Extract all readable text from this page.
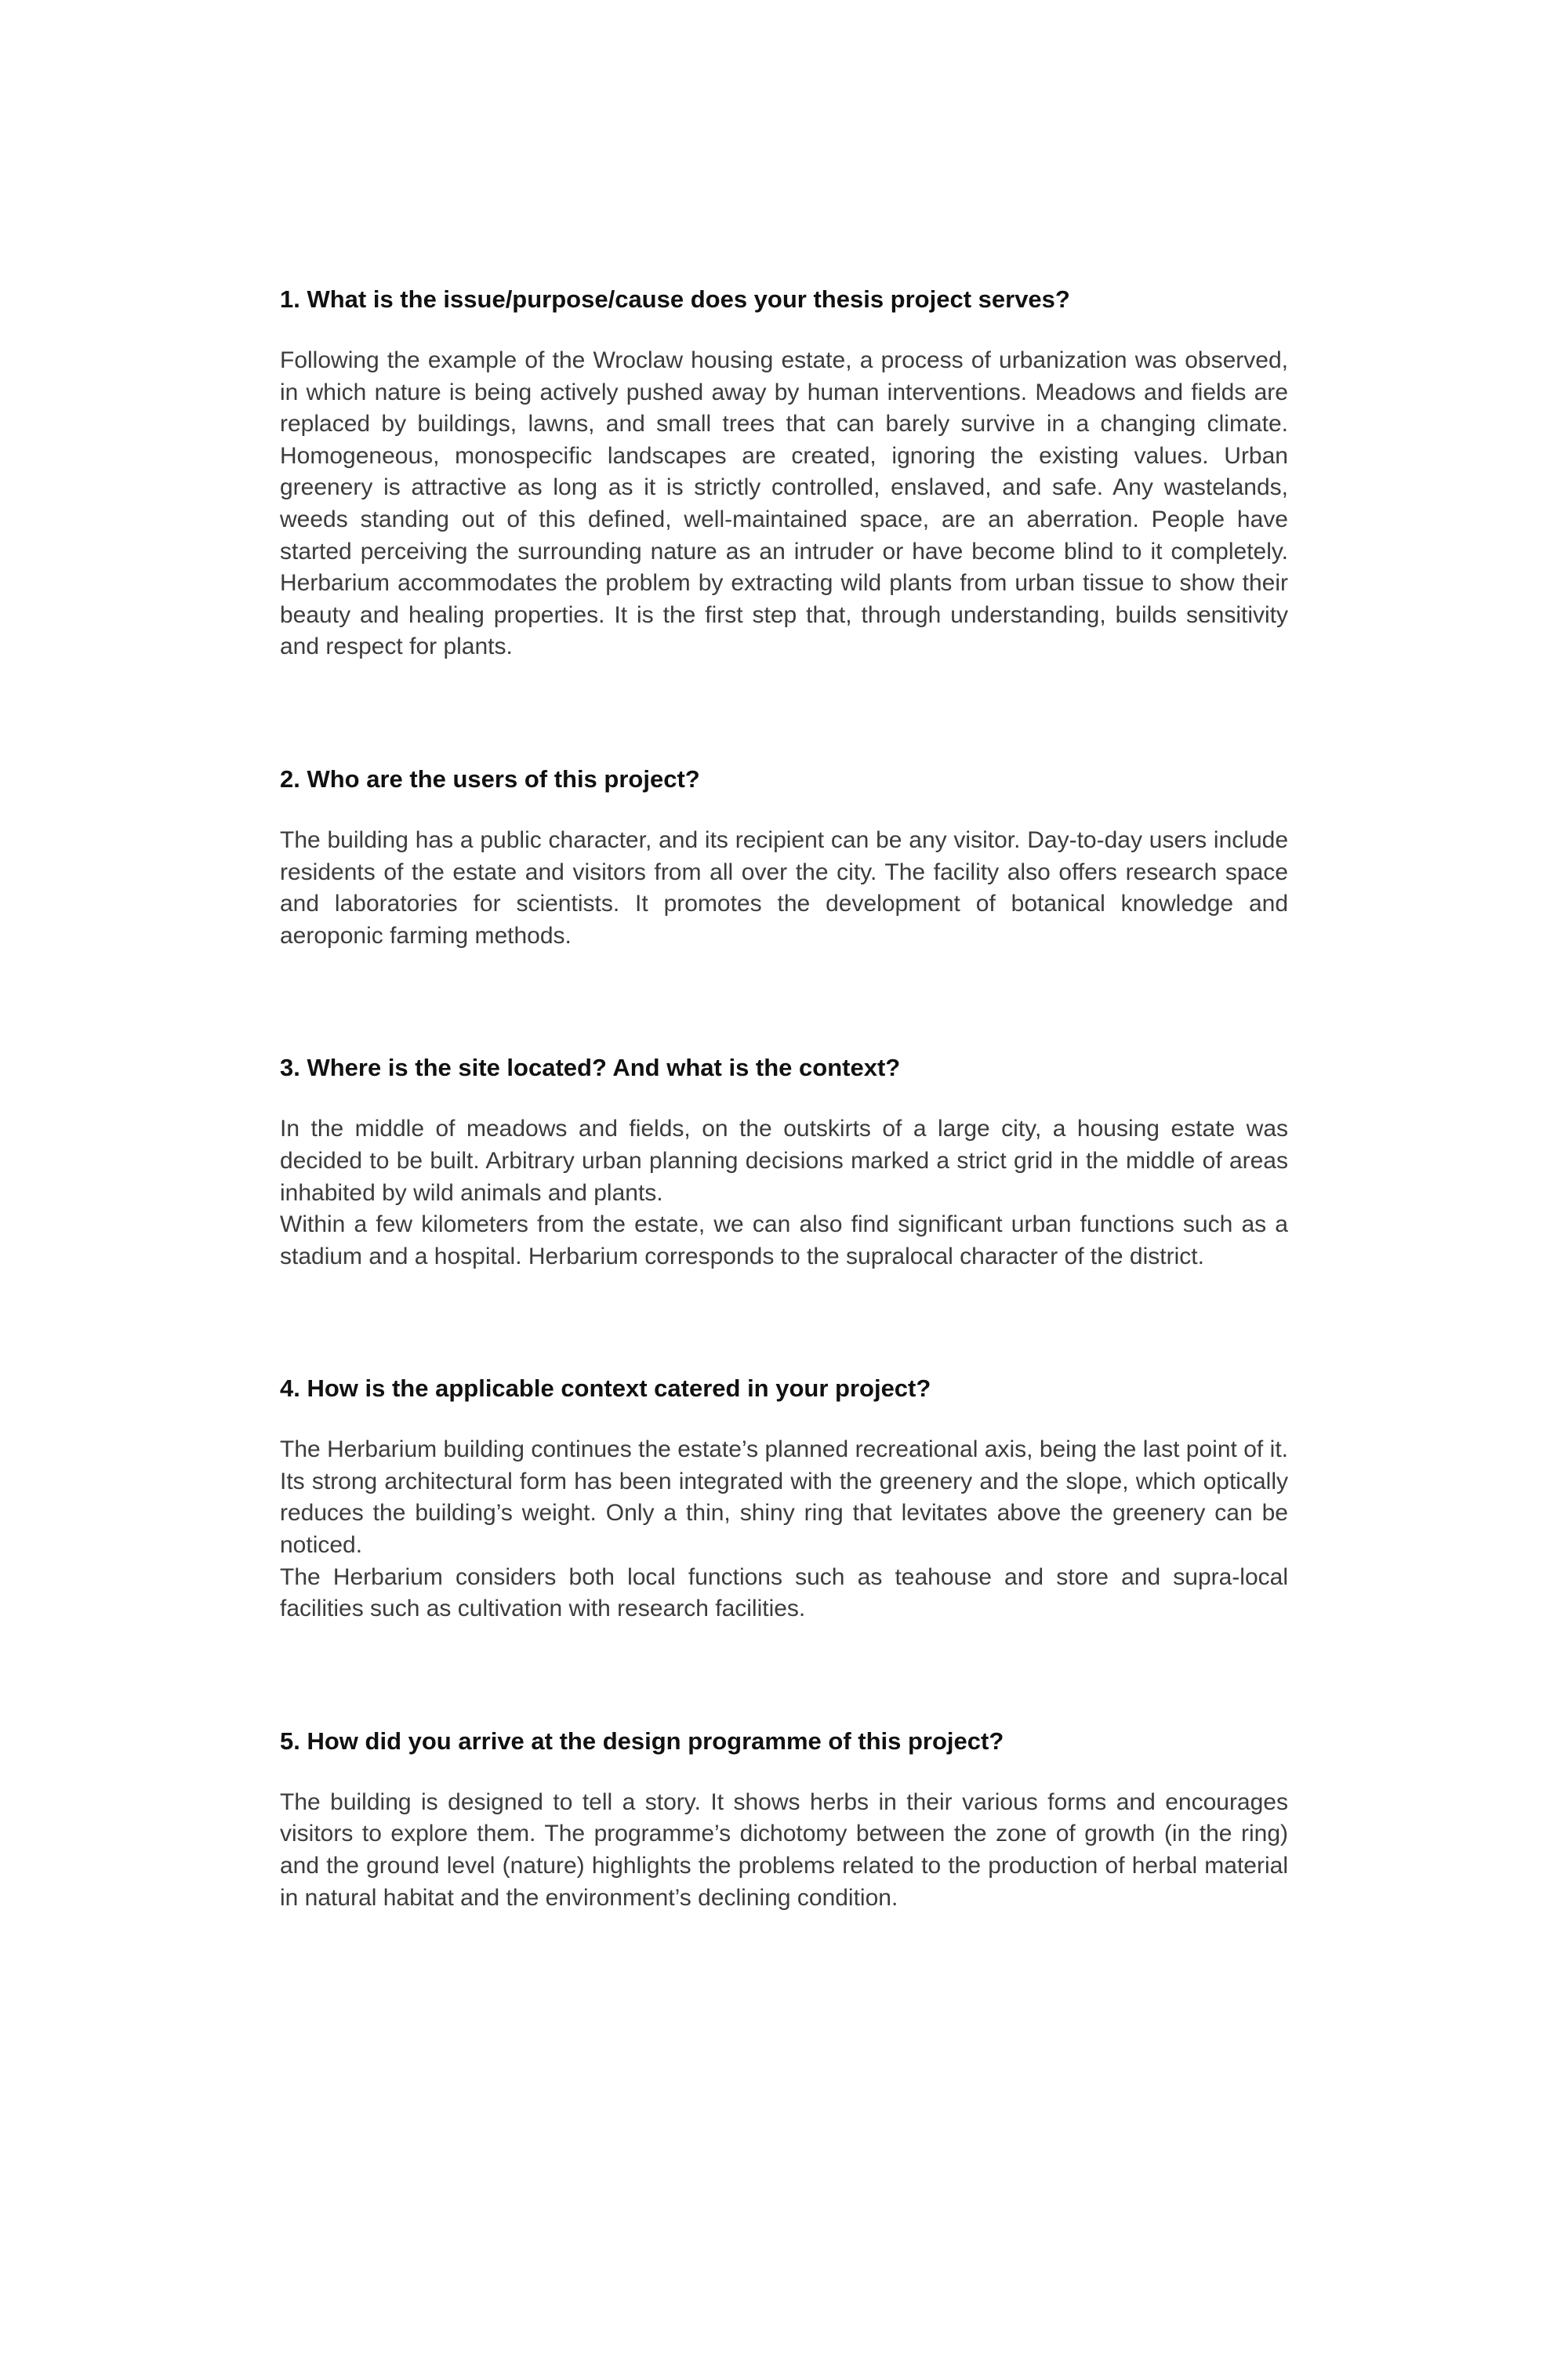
1. What is the issue/purpose/cause does your thesis project serves?

Following the example of the Wroclaw housing estate, a process of urbanization was observed, in which nature is being actively pushed away by human interventions. Meadows and fields are replaced by buildings, lawns, and small trees that can barely survive in a changing climate. Homogeneous, monospecific landscapes are created, ignoring the existing values. Urban greenery is attractive as long as it is strictly controlled, enslaved, and safe. Any wastelands, weeds standing out of this defined, well-maintained space, are an aberration. People have started perceiving the surrounding nature as an intruder or have become blind to it completely. Herbarium accommodates the problem by extracting wild plants from urban tissue to show their beauty and healing properties. It is the first step that, through understanding, builds sensitivity and respect for plants.

2. Who are the users of this project?

The building has a public character, and its recipient can be any visitor. Day-to-day users include residents of the estate and visitors from all over the city. The facility also offers research space and laboratories for scientists. It promotes the development of botanical knowledge and aeroponic farming methods.

3. Where is the site located? And what is the context?

In the middle of meadows and fields, on the outskirts of a large city, a housing estate was decided to be built. Arbitrary urban planning decisions marked a strict grid in the middle of areas inhabited by wild animals and plants.

Within a few kilometers from the estate, we can also find significant urban functions such as a stadium and a hospital. Herbarium corresponds to the supralocal character of the district.

4. How is the applicable context catered in your project?

The Herbarium building continues the estate’s planned recreational axis, being the last point of it. Its strong architectural form has been integrated with the greenery and the slope, which optically reduces the building’s weight. Only a thin, shiny ring that levitates above the greenery can be noticed.

The Herbarium considers both local functions such as teahouse and store and supra-local facilities such as cultivation with research facilities.

5. How did you arrive at the design programme of this project?

The building is designed to tell a story. It shows herbs in their various forms and encourages visitors to explore them. The programme’s dichotomy between the zone of growth (in the ring) and the ground level (nature) highlights the problems related to the production of herbal material in natural habitat and the environment’s declining condition.
